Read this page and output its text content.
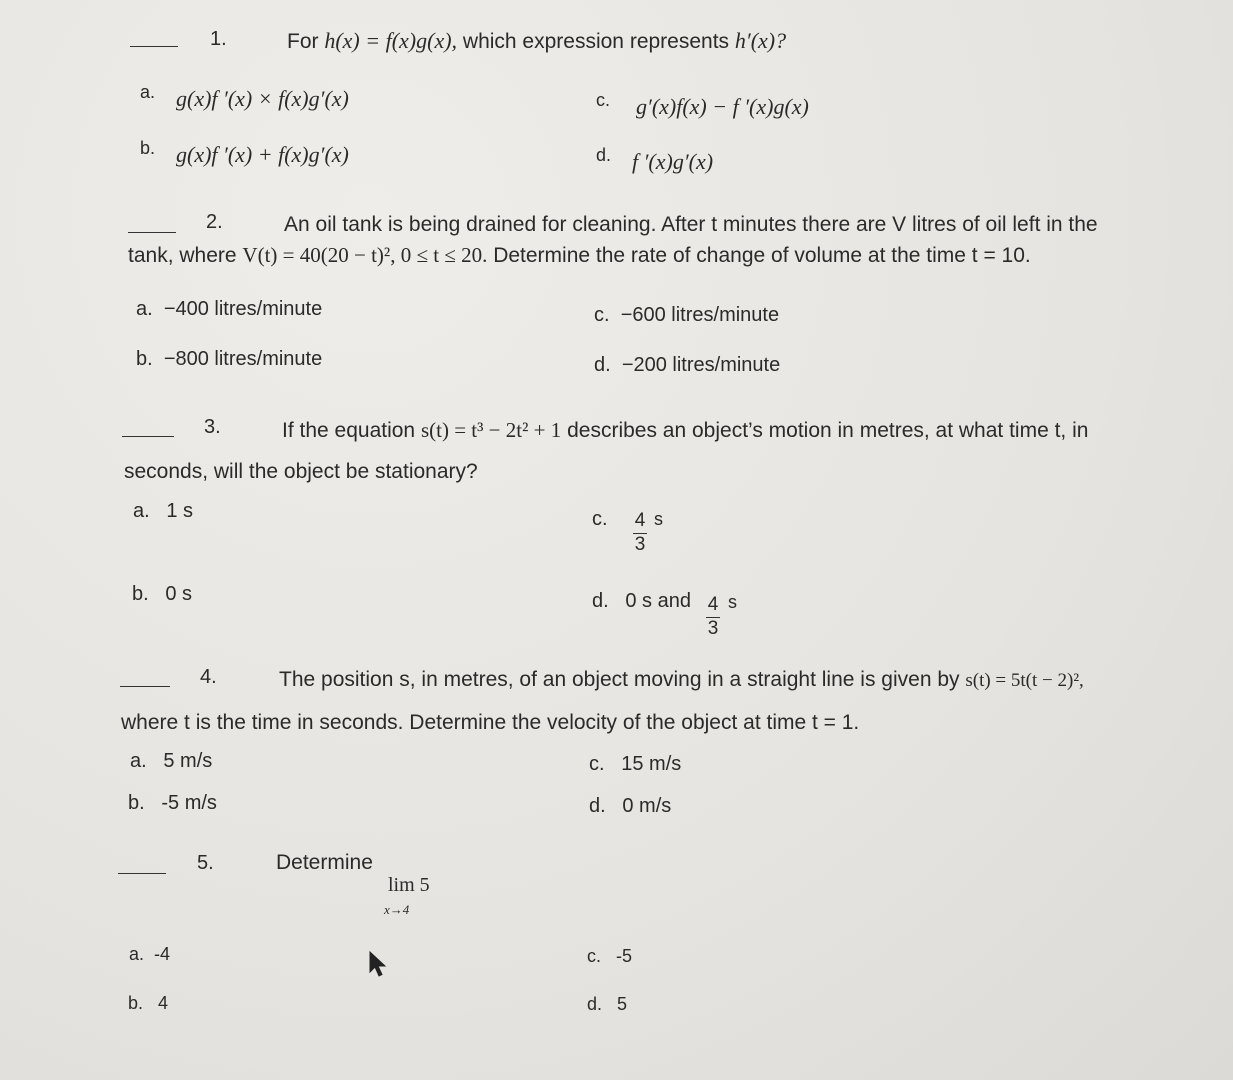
1.	For h(x) = f(x)g(x), which expression represents h′(x)?
a. g(x)f ′(x) × f(x)g′(x)
b. g(x)f ′(x) + f(x)g′(x)
c. g′(x)f(x) − f ′(x)g(x)
d. f ′(x)g′(x)
2.	An oil tank is being drained for cleaning. After t minutes there are V litres of oil left in the
tank, where V(t) = 40(20 − t)², 0 ≤ t ≤ 20. Determine the rate of change of volume at the time t = 10.
a. −400 litres/minute
b. −800 litres/minute
c. −600 litres/minute
d. −200 litres/minute
3.	If the equation s(t) = t³ − 2t² + 1 describes an object’s motion in metres, at what time t, in
seconds, will the object be stationary?
a. 1 s
b. 0 s
c.	4
3
s
d. 0 s and 4
3
s
4.	The position s, in metres, of an object moving in a straight line is given by s(t) = 5t(t − 2)²,
where t is the time in seconds. Determine the velocity of the object at time t = 1.
a. 5 m/s
b. -5 m/s
c. 15 m/s
d. 0 m/s
5.	Determine
lim 5
x→4
a. -4
b. 4
c. -5
d. 5
